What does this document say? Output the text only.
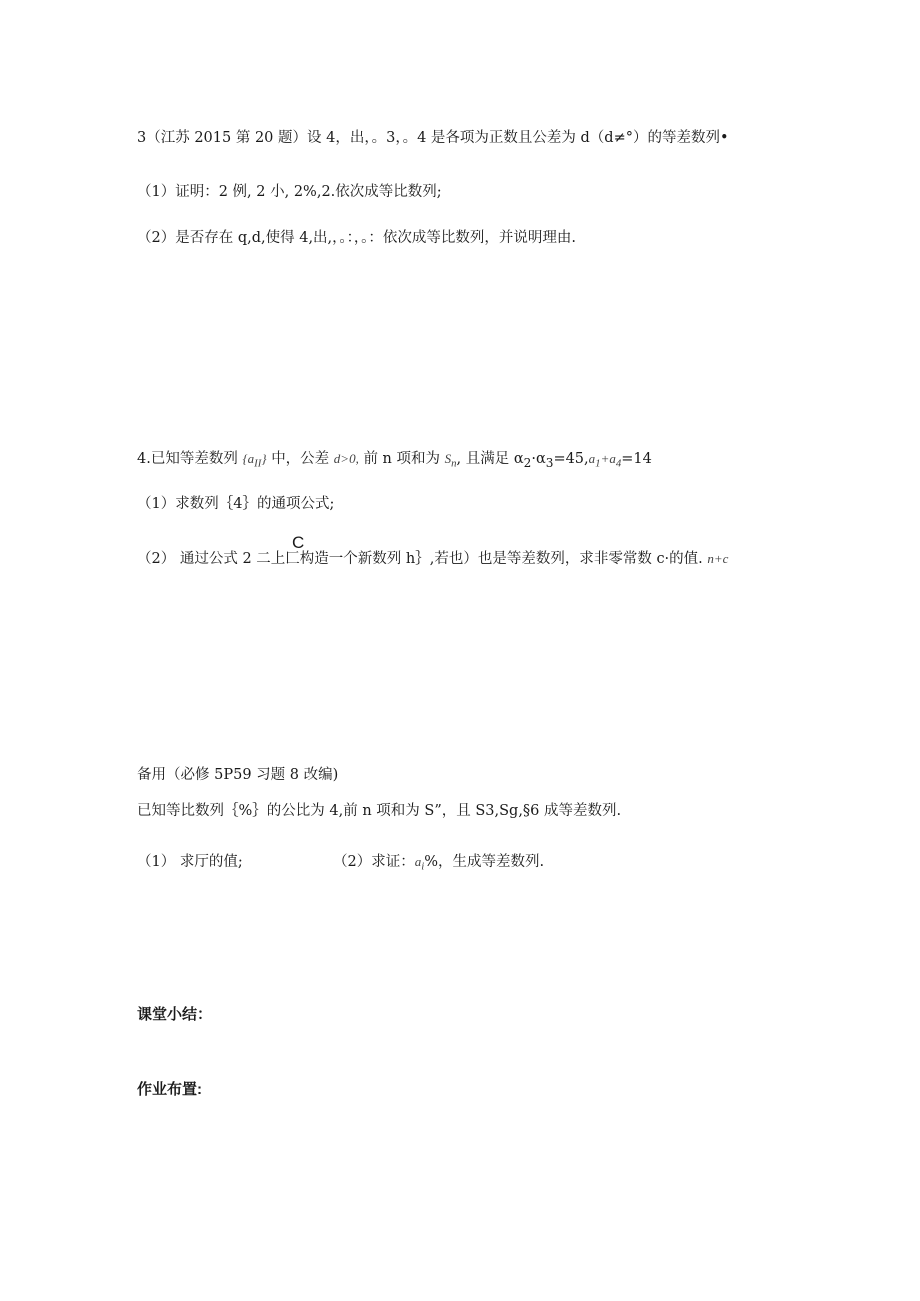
3（江苏 2015 第 20 题）设 4，出，。3，。4 是各项为正数且公差为 d（d≠°）的等差数列•
（1）证明：2 例, 2 小, 2%,2.依次成等比数列;
（2）是否存在 q,d,使得 4,出,，。：，。：依次成等比数列，并说明理由.
4.已知等差数列 $\{a_{II}\}$ 中，公差 d>0, 前 n 项和为 $S_n$, 且满足 $\alpha_2\cdot\alpha_3=45,a_1+a_4=14$
（1）求数列｛4｝的通项公式;
C
（2） 通过公式 2 二上匚构造一个新数列 h｝,若也）也是等差数列，求非零常数 c·的值. n+c
备用（必修 5P59 习题 8 改编)
已知等比数列｛%｝的公比为 4,前 n 项和为 S”，且 S3,Sg,§6 成等差数列.
（1） 求厅的值;	（2）求证：$a_i\%$，生成等差数列.
课堂小结：
作业布置:
